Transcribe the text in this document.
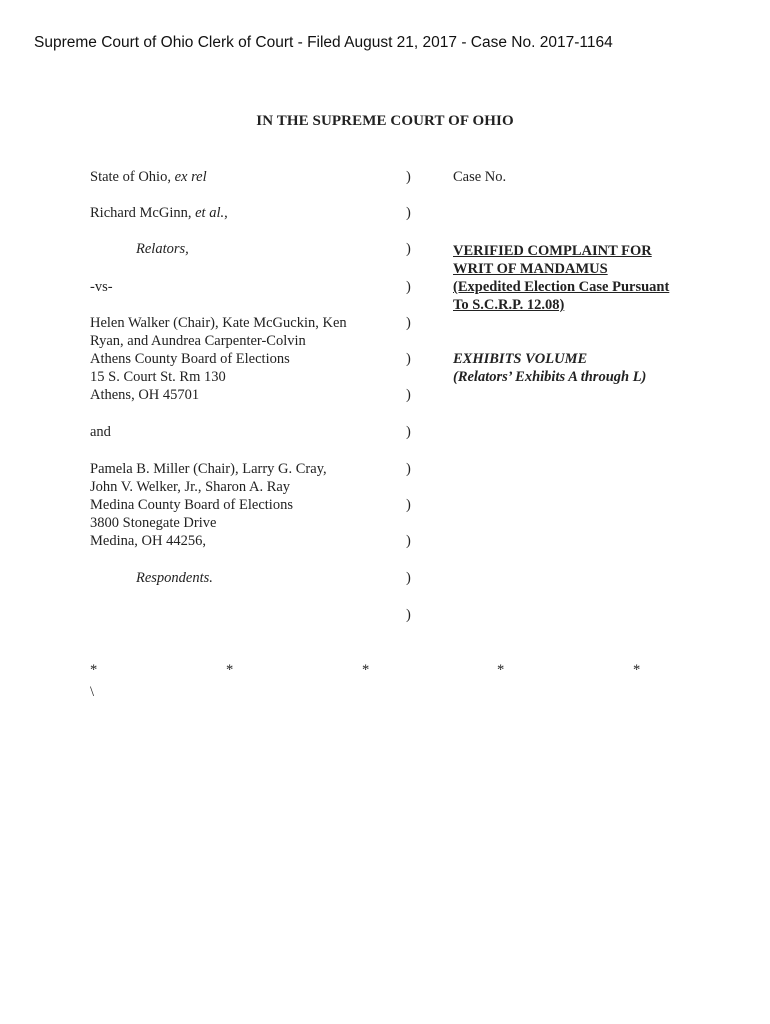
Supreme Court of Ohio Clerk of Court - Filed August 21, 2017 - Case No. 2017-1164
IN THE SUPREME COURT OF OHIO
State of Ohio, ex rel
Richard McGinn, et al.,
Relators,
-vs-
Helen Walker (Chair), Kate McGuckin, Ken
Ryan, and Aundrea Carpenter-Colvin
Athens County Board of Elections
15 S. Court St. Rm 130
Athens, OH 45701
and
Pamela B. Miller (Chair), Larry G. Cray,
John V. Welker, Jr., Sharon A. Ray
Medina County Board of Elections
3800 Stonegate Drive
Medina, OH 44256,
Respondents.
)
)
)
)
)
)
)
)
)
)
)
)
)
Case No.
VERIFIED COMPLAINT FOR
WRIT OF MANDAMUS
(Expedited Election Case Pursuant
To S.C.R.P. 12.08)
EXHIBITS VOLUME
(Relators’ Exhibits A through L)
*	*	*	*	*
\
